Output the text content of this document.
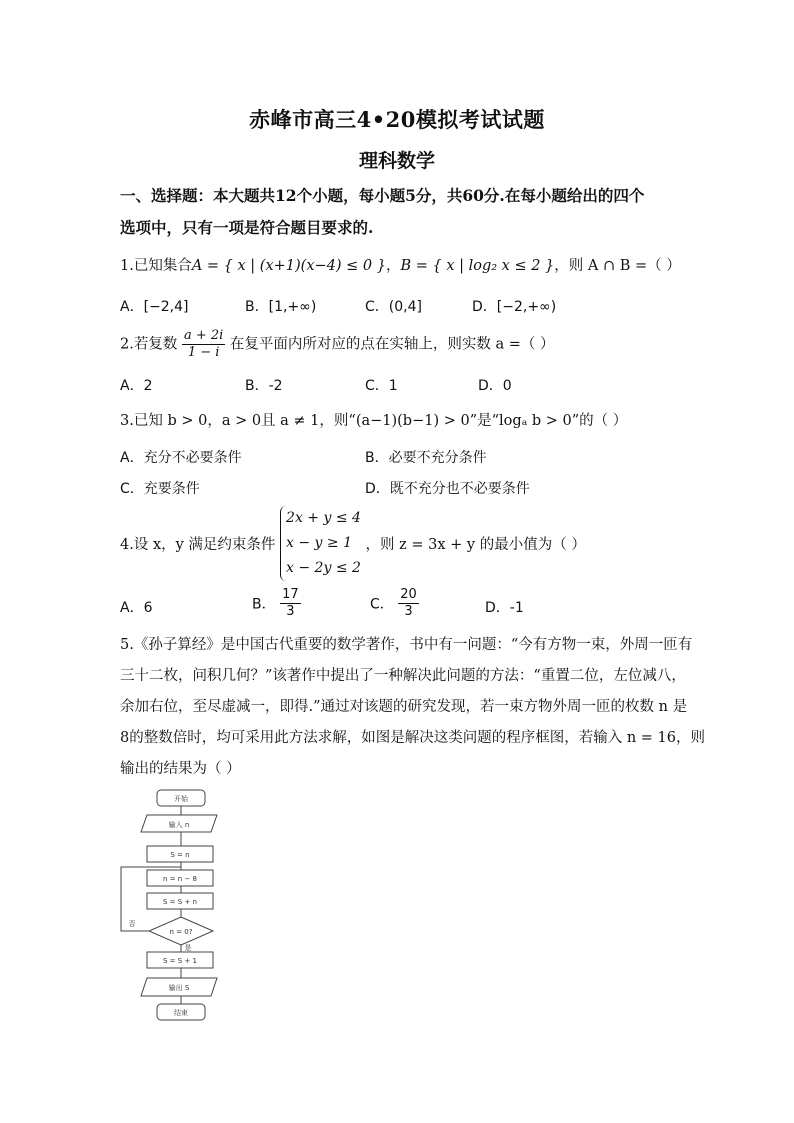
赤峰市高三4•20模拟考试试题
理科数学
一、选择题：本大题共12个小题，每小题5分，共60分.在每小题给出的四个
选项中，只有一项是符合题目要求的.
1.已知集合A = { x | (x+1)(x−4) ≤ 0 }，B = { x | log₂ x ≤ 2 }，则 A ∩ B =（ ）
A．[−2,4]	B．[1,+∞)	C．(0,4]	D．[−2,+∞)
2.若复数 $\frac{a + 2i}{1 - i}$ 在复平面内所对应的点在实轴上，则实数 a =（ ）
A．2	B．-2	C．1	D．0
3.已知 b > 0，a > 0且 a ≠ 1，则“(a−1)(b−1) > 0”是“logₐ b > 0”的（ ）
A．充分不必要条件	B．必要不充分条件
C．充要条件	D．既不充分也不必要条件
4.设 x，y 满足约束条件
2x + y ≤ 4
x − y ≥ 1
x − 2y ≤ 2
，则 z = 3x + y 的最小值为（ ）
A．6	B． $\frac{17}{3}$	C． $\frac{20}{3}$	D．-1
5.《孙子算经》是中国古代重要的数学著作，书中有一问题：“今有方物一束，外周一匝有
三十二枚，问积几何？”该著作中提出了一种解决此问题的方法：“重置二位，左位减八，
余加右位，至尽虚减一，即得.”通过对该题的研究发现，若一束方物外周一匝的枚数 n 是
8的整数倍时，均可采用此方法求解，如图是解决这类问题的程序框图，若输入 n = 16，则
输出的结果为（ ）
开始
输入 n
S = n
n = n − 8
S = S + n
n = 0?
否
是
S = S + 1
输出 S
结束
